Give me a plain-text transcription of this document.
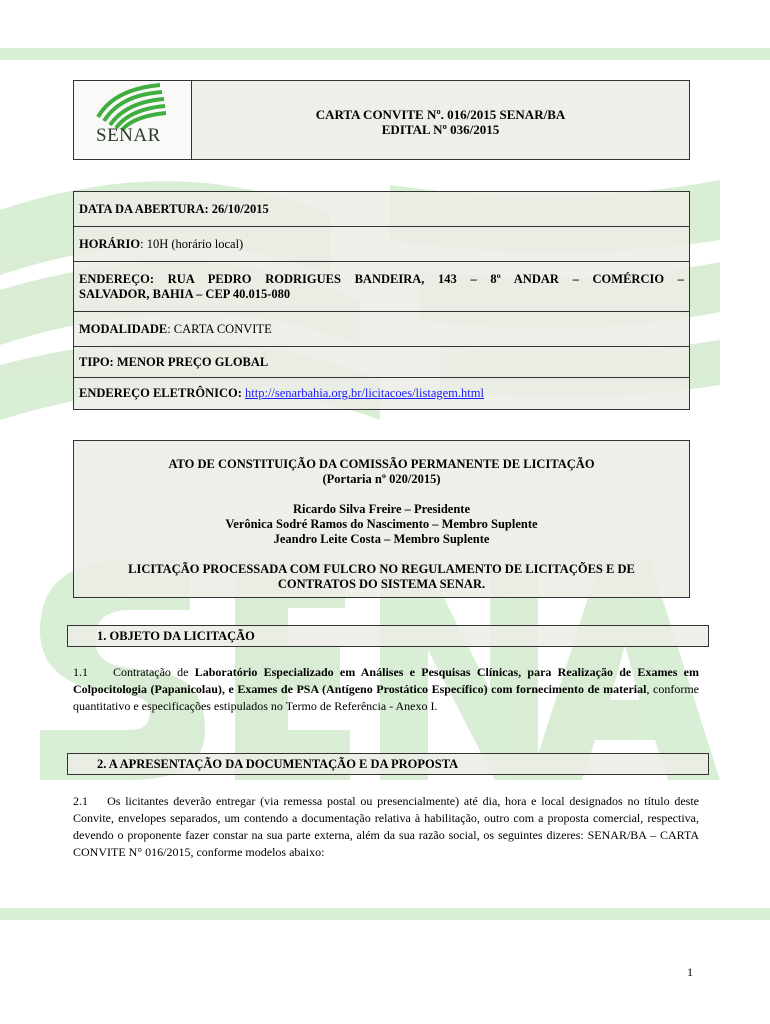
SENAR
CARTA CONVITE Nº. 016/2015 SENAR/BA
EDITAL Nº 036/2015
DATA DA ABERTURA: 26/10/2015
HORÁRIO: 10H (horário local)

ENDEREÇO: RUA PEDRO RODRIGUES BANDEIRA, 143 – 8º ANDAR – COMÉRCIO –
SALVADOR, BAHIA – CEP 40.015-080

MODALIDADE: CARTA CONVITE
TIPO: MENOR PREÇO GLOBAL
ENDEREÇO ELETRÔNICO: http://senarbahia.org.br/licitacoes/listagem.html

ATO DE CONSTITUIÇÃO DA COMISSÃO PERMANENTE DE LICITAÇÃO

(Portaria nº 020/2015)

Ricardo Silva Freire – Presidente

Verônica Sodré Ramos do Nascimento – Membro Suplente

Jeandro Leite Costa – Membro Suplente

LICITAÇÃO PROCESSADA COM FULCRO NO REGULAMENTO DE LICITAÇÕES E DE

CONTRATOS DO SISTEMA SENAR.

1. OBJETO DA LICITAÇÃO
1.1 Contratação de Laboratório Especializado em Análises e Pesquisas Clínicas, para Realização de Exames em Colpocitologia (Papanicolau), e Exames de PSA (Antígeno Prostático Específico) com fornecimento de material, conforme quantitativo e especificações estipulados no Termo de Referência - Anexo I.
2. A APRESENTAÇÃO DA DOCUMENTAÇÃO E DA PROPOSTA
2.1 Os licitantes deverão entregar (via remessa postal ou presencialmente) até dia, hora e local designados no título deste Convite, envelopes separados, um contendo a documentação relativa à habilitação, outro com a proposta comercial, respectiva, devendo o proponente fazer constar na sua parte externa, além da sua razão social, os seguintes dizeres: SENAR/BA – CARTA CONVITE N° 016/2015, conforme modelos abaixo:
1
